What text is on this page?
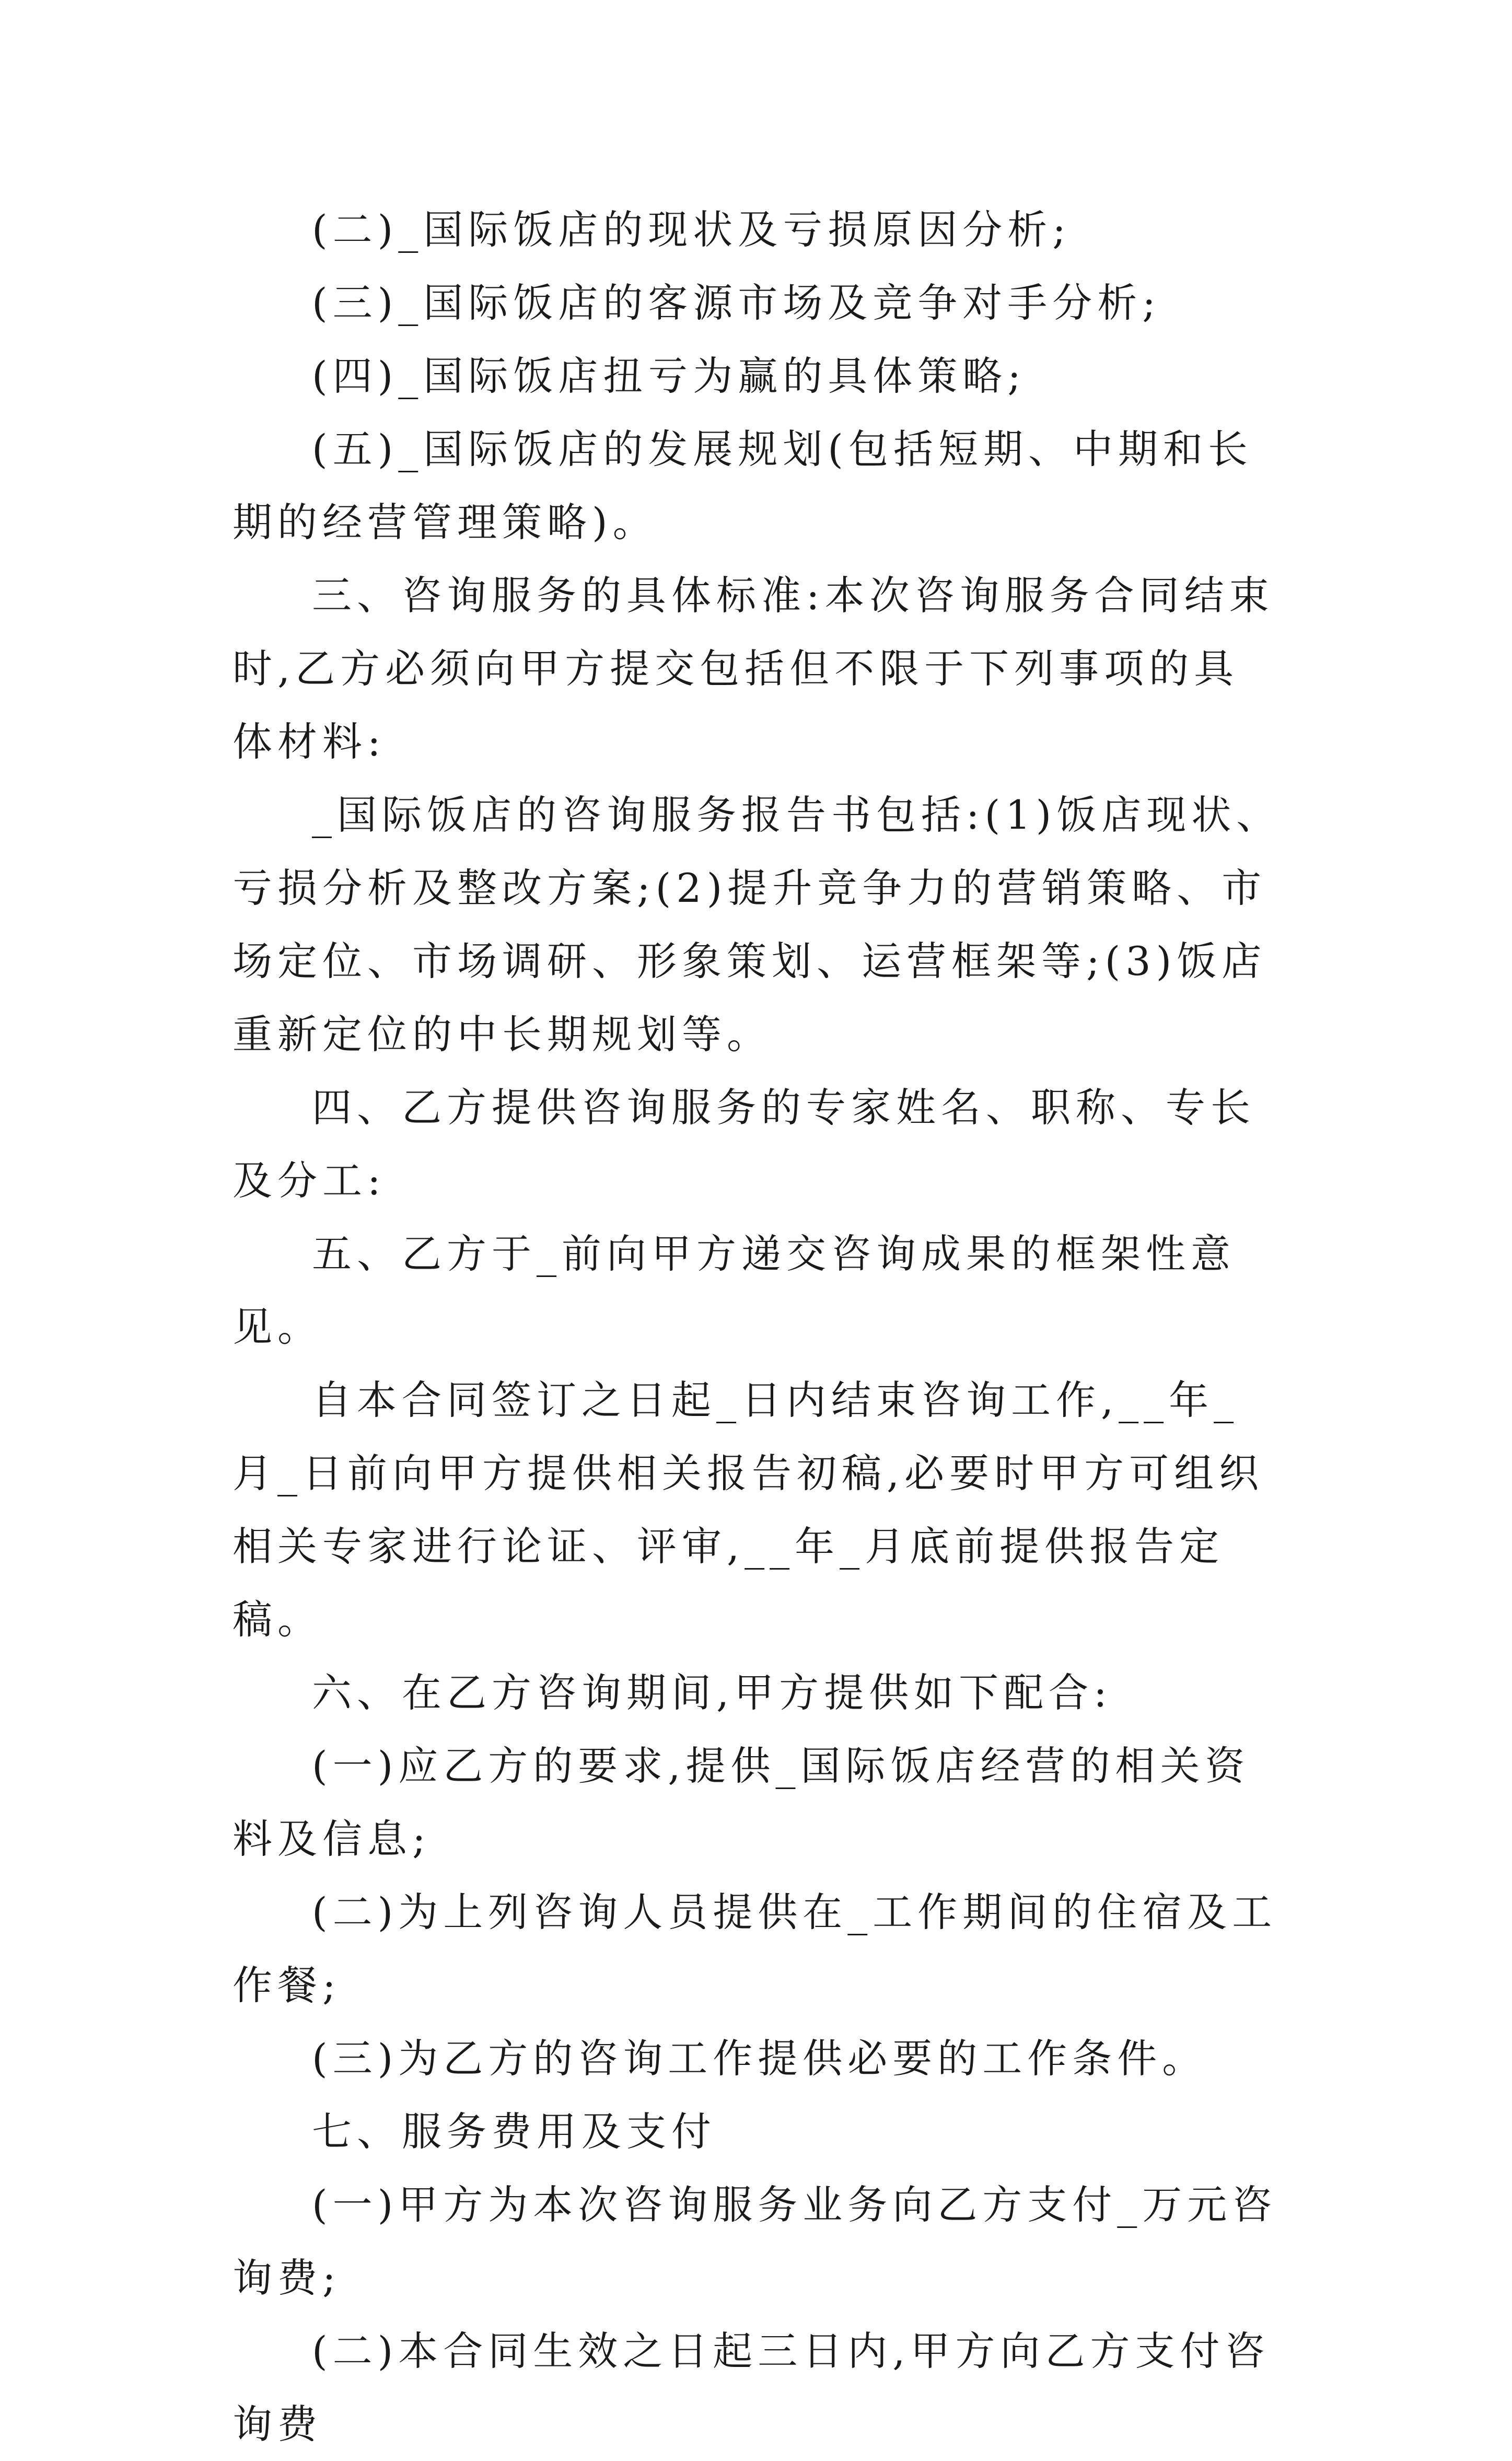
(二)_国际饭店的现状及亏损原因分析;

(三)_国际饭店的客源市场及竞争对手分析;

(四)_国际饭店扭亏为赢的具体策略;

(五)_国际饭店的发展规划(包括短期、中期和长期的经营管理策略)。

三、咨询服务的具体标准:本次咨询服务合同结束时,乙方必须向甲方提交包括但不限于下列事项的具体材料:

_国际饭店的咨询服务报告书包括:(1)饭店现状、亏损分析及整改方案;(2)提升竞争力的营销策略、市场定位、市场调研、形象策划、运营框架等;(3)饭店重新定位的中长期规划等。

四、乙方提供咨询服务的专家姓名、职称、专长及分工:

五、乙方于_前向甲方递交咨询成果的框架性意见。

自本合同签订之日起_日内结束咨询工作,__年_月_日前向甲方提供相关报告初稿,必要时甲方可组织相关专家进行论证、评审,__年_月底前提供报告定稿。

六、在乙方咨询期间,甲方提供如下配合:

(一)应乙方的要求,提供_国际饭店经营的相关资料及信息;

(二)为上列咨询人员提供在_工作期间的住宿及工作餐;

(三)为乙方的咨询工作提供必要的工作条件。

七、服务费用及支付

(一)甲方为本次咨询服务业务向乙方支付_万元咨询费;

(二)本合同生效之日起三日内,甲方向乙方支付咨询费
